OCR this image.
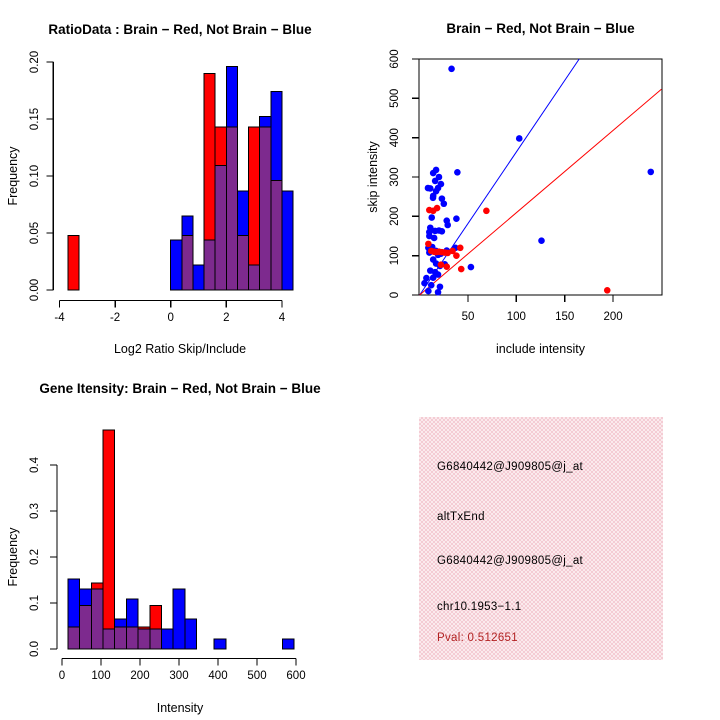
RatioData : Brain − Red, Not Brain − Blue
Log2 Ratio Skip/Include
Frequency
-4	-2	0	2	4
0.00
0.05
0.10
0.15
0.20
Brain − Red, Not Brain − Blue
include intensity
skip intensity
50	100	150	200
0
100
200
300
400
500
600
Gene Itensity: Brain − Red, Not Brain − Blue
Intensity
Frequency
0 100 200 300 400 500 600
0.0
0.1
0.2
0.3
0.4	G6840442@J909805@j_at
altTxEnd
G6840442@J909805@j_at
chr10.1953−1.1
Pval: 0.512651
